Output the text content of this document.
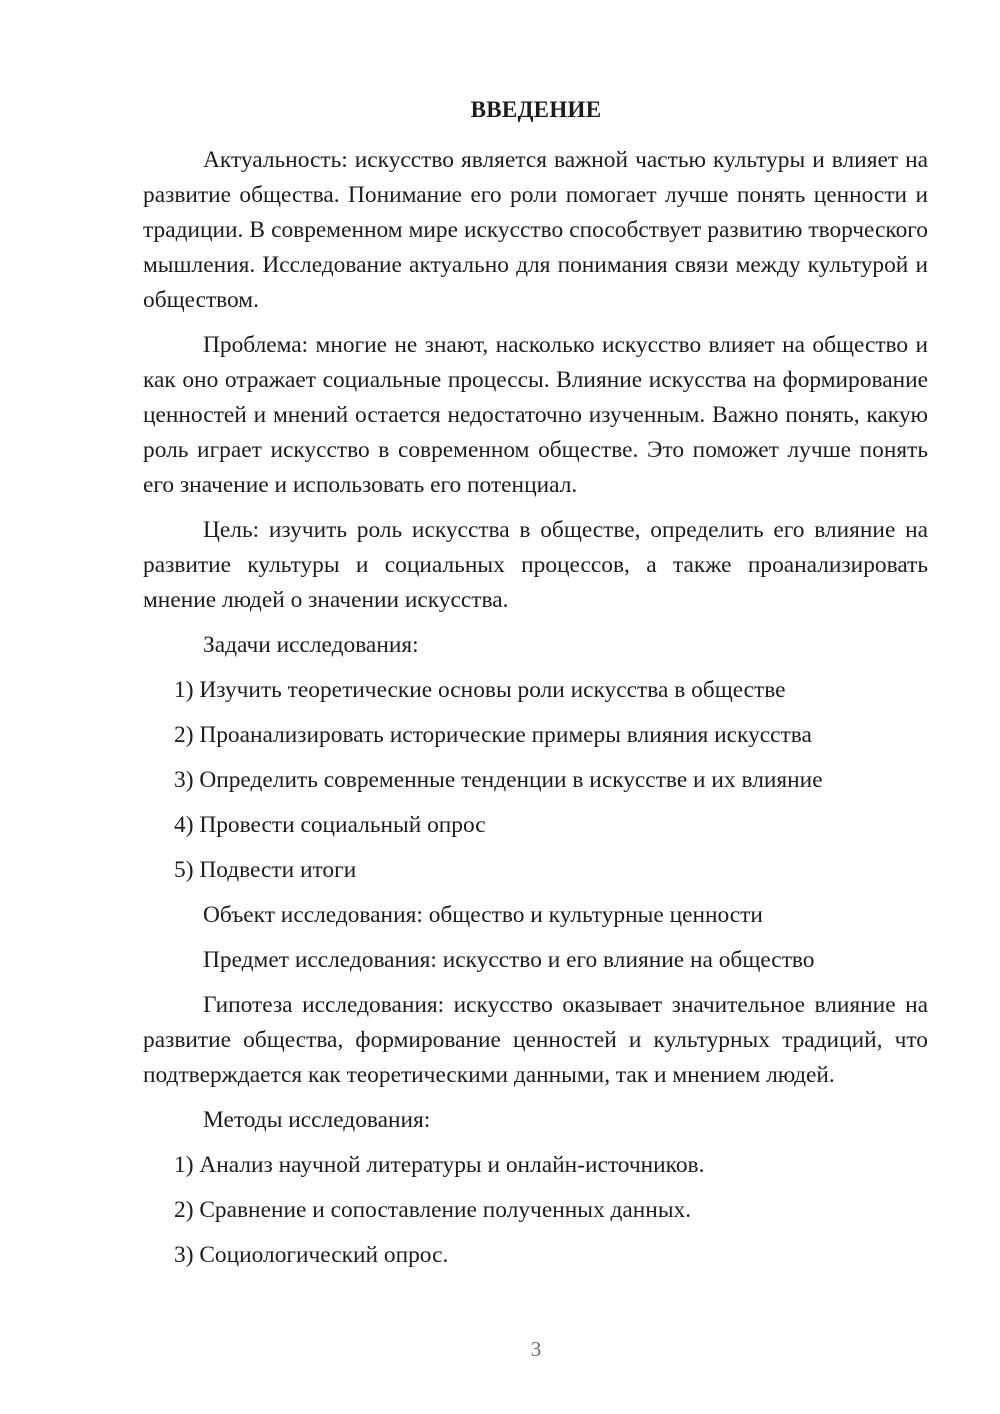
ВВЕДЕНИЕ

Актуальность: искусство является важной частью культуры и влияет на развитие общества. Понимание его роли помогает лучше понять ценности и традиции. В современном мире искусство способствует развитию творческого мышления. Исследование актуально для понимания связи между культурой и обществом.

Проблема: многие не знают, насколько искусство влияет на общество и как оно отражает социальные процессы. Влияние искусства на формирование ценностей и мнений остается недостаточно изученным. Важно понять, какую роль играет искусство в современном обществе. Это поможет лучше понять его значение и использовать его потенциал.

Цель: изучить роль искусства в обществе, определить его влияние на развитие культуры и социальных процессов, а также проанализировать мнение людей о значении искусства.

Задачи исследования:
1) Изучить теоретические основы роли искусства в обществе
2) Проанализировать исторические примеры влияния искусства
3) Определить современные тенденции в искусстве и их влияние
4) Провести социальный опрос
5) Подвести итоги
Объект исследования: общество и культурные ценности
Предмет исследования: искусство и его влияние на общество

Гипотеза исследования: искусство оказывает значительное влияние на развитие общества, формирование ценностей и культурных традиций, что подтверждается как теоретическими данными, так и мнением людей.

Методы исследования:
1) Анализ научной литературы и онлайн-источников.
2) Сравнение и сопоставление полученных данных.
3) Социологический опрос.
3
